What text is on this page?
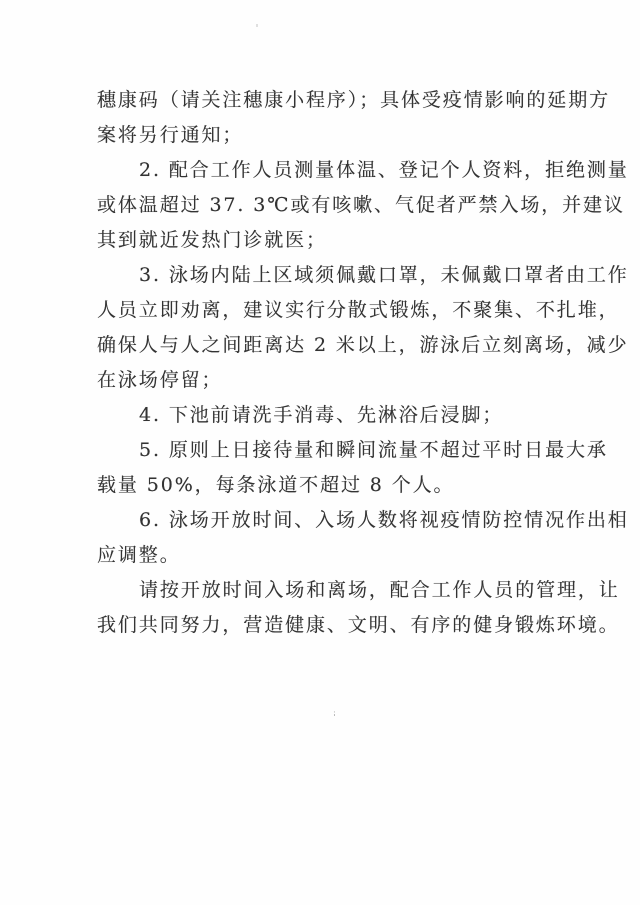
穗康码（请关注穗康小程序）；具体受疫情影响的延期方
案将另行通知；
2. 配合工作人员测量体温、登记个人资料，拒绝测量
或体温超过 37. 3℃或有咳嗽、气促者严禁入场，并建议
其到就近发热门诊就医；
3. 泳场内陆上区域须佩戴口罩，未佩戴口罩者由工作
人员立即劝离，建议实行分散式锻炼，不聚集、不扎堆，
确保人与人之间距离达 2 米以上，游泳后立刻离场，减少
在泳场停留；
4. 下池前请洗手消毒、先淋浴后浸脚；
5. 原则上日接待量和瞬间流量不超过平时日最大承
载量 50%，每条泳道不超过 8 个人。
6. 泳场开放时间、入场人数将视疫情防控情况作出相
应调整。
请按开放时间入场和离场，配合工作人员的管理，让
我们共同努力，营造健康、文明、有序的健身锻炼环境。
⁏
